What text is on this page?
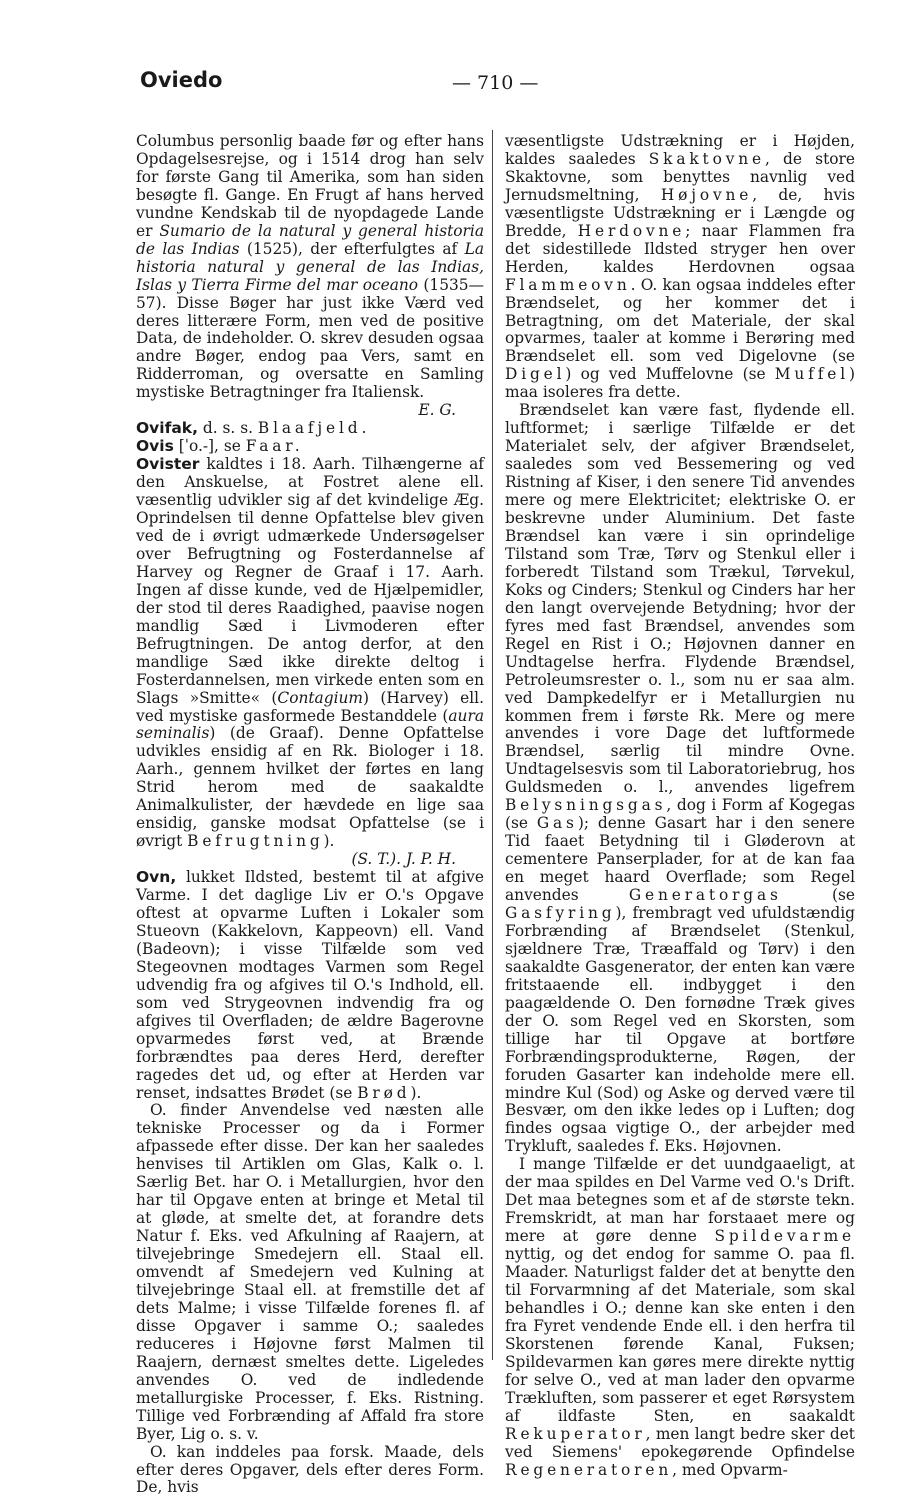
Oviedo	— 710 —

Columbus personlig baade før og efter hans Opdagelsesrejse, og i 1514 drog han selv for første Gang til Amerika, som han siden besøgte fl. Gange. En Frugt af hans herved vundne Kendskab til de nyopdagede Lande er Sumario de la natural y general historia de las Indias (1525), der efterfulgtes af La historia natural y general de las Indias, Islas y Tierra Firme del mar oceano (1535—57). Disse Bøger har just ikke Værd ved deres litterære Form, men ved de positive Data, de indeholder. O. skrev desuden ogsaa andre Bøger, endog paa Vers, samt en Ridderroman, og oversatte en Samling mystiske Betragtninger fra Italiensk.

E. G.

Ovifak, d. s. s. Blaafjeld.

Ovis [ˈo.-], se Faar.

Ovister kaldtes i 18. Aarh. Tilhængerne af den Anskuelse, at Fostret alene ell. væsentlig udvikler sig af det kvindelige Æg. Oprindelsen til denne Opfattelse blev given ved de i øvrigt udmærkede Undersøgelser over Befrugtning og Fosterdannelse af Harvey og Regner de Graaf i 17. Aarh. Ingen af disse kunde, ved de Hjælpemidler, der stod til deres Raadighed, paavise nogen mandlig Sæd i Livmoderen efter Befrugtningen. De antog derfor, at den mandlige Sæd ikke direkte deltog i Fosterdannelsen, men virkede enten som en Slags »Smitte« (Contagium) (Harvey) ell. ved mystiske gasformede Bestanddele (aura seminalis) (de Graaf). Denne Opfattelse udvikles ensidig af en Rk. Biologer i 18. Aarh., gennem hvilket der førtes en lang Strid herom med de saakaldte Animalkulister, der hævdede en lige saa ensidig, ganske modsat Opfattelse (se i øvrigt Befrugtning).

(S. T.). J. P. H.

Ovn, lukket Ildsted, bestemt til at afgive Varme. I det daglige Liv er O.'s Opgave oftest at opvarme Luften i Lokaler som Stueovn (Kakkelovn, Kappeovn) ell. Vand (Badeovn); i visse Tilfælde som ved Stegeovnen modtages Varmen som Regel udvendig fra og afgives til O.'s Indhold, ell. som ved Strygeovnen indvendig fra og afgives til Overfladen; de ældre Bagerovne opvarmedes først ved, at Brænde forbrændtes paa deres Herd, derefter ragedes det ud, og efter at Herden var renset, indsattes Brødet (se Brød).

O. finder Anvendelse ved næsten alle tekniske Processer og da i Former afpassede efter disse. Der kan her saaledes henvises til Artiklen om Glas, Kalk o. l. Særlig Bet. har O. i Metallurgien, hvor den har til Opgave enten at bringe et Metal til at gløde, at smelte det, at forandre dets Natur f. Eks. ved Afkulning af Raajern, at tilvejebringe Smedejern ell. Staal ell. omvendt af Smedejern ved Kulning at tilvejebringe Staal ell. at fremstille det af dets Malme; i visse Tilfælde forenes fl. af disse Opgaver i samme O.; saaledes reduceres i Højovne først Malmen til Raajern, dernæst smeltes dette. Ligeledes anvendes O. ved de indledende metallurgiske Processer, f. Eks. Ristning. Tillige ved Forbrænding af Affald fra store Byer, Lig o. s. v.

O. kan inddeles paa forsk. Maade, dels efter deres Opgaver, dels efter deres Form. De, hvis

væsentligste Udstrækning er i Højden, kaldes saaledes Skaktovne, de store Skaktovne, som benyttes navnlig ved Jernudsmeltning, Højovne, de, hvis væsentligste Udstrækning er i Længde og Bredde, Herdovne; naar Flammen fra det sidestillede Ildsted stryger hen over Herden, kaldes Herdovnen ogsaa Flammeovn. O. kan ogsaa inddeles efter Brændselet, og her kommer det i Betragtning, om det Materiale, der skal opvarmes, taaler at komme i Berøring med Brændselet ell. som ved Digelovne (se Digel) og ved Muffelovne (se Muffel) maa isoleres fra dette.

Brændselet kan være fast, flydende ell. luftformet; i særlige Tilfælde er det Materialet selv, der afgiver Brændselet, saaledes som ved Bessemering og ved Ristning af Kiser, i den senere Tid anvendes mere og mere Elektricitet; elektriske O. er beskrevne under Aluminium. Det faste Brændsel kan være i sin oprindelige Tilstand som Træ, Tørv og Stenkul eller i forberedt Tilstand som Trækul, Tørvekul, Koks og Cinders; Stenkul og Cinders har her den langt overvejende Betydning; hvor der fyres med fast Brændsel, anvendes som Regel en Rist i O.; Højovnen danner en Undtagelse herfra. Flydende Brændsel, Petroleumsrester o. l., som nu er saa alm. ved Dampkedelfyr er i Metallurgien nu kommen frem i første Rk. Mere og mere anvendes i vore Dage det luftformede Brændsel, særlig til mindre Ovne. Undtagelsesvis som til Laboratoriebrug, hos Guldsmeden o. l., anvendes ligefrem Belysningsgas, dog i Form af Kogegas (se Gas); denne Gasart har i den senere Tid faaet Betydning til i Gløderovn at cementere Panserplader, for at de kan faa en meget haard Overflade; som Regel anvendes Generatorgas (se Gasfyring), frembragt ved ufuldstændig Forbrænding af Brændselet (Stenkul, sjældnere Træ, Træaffald og Tørv) i den saakaldte Gasgenerator, der enten kan være fritstaaende ell. indbygget i den paagældende O. Den fornødne Træk gives der O. som Regel ved en Skorsten, som tillige har til Opgave at bortføre Forbrændingsprodukterne, Røgen, der foruden Gasarter kan indeholde mere ell. mindre Kul (Sod) og Aske og derved være til Besvær, om den ikke ledes op i Luften; dog findes ogsaa vigtige O., der arbejder med Trykluft, saaledes f. Eks. Højovnen.

I mange Tilfælde er det uundgaaeligt, at der maa spildes en Del Varme ved O.'s Drift. Det maa betegnes som et af de største tekn. Fremskridt, at man har forstaaet mere og mere at gøre denne Spildevarme nyttig, og det endog for samme O. paa fl. Maader. Naturligst falder det at benytte den til Forvarmning af det Materiale, som skal behandles i O.; denne kan ske enten i den fra Fyret vendende Ende ell. i den herfra til Skorstenen førende Kanal, Fuksen; Spildevarmen kan gøres mere direkte nyttig for selve O., ved at man lader den opvarme Trækluften, som passerer et eget Rørsystem af ildfaste Sten, en saakaldt Rekuperator, men langt bedre sker det ved Siemens' epokegørende Opfindelse Regeneratoren, med Opvarm-
